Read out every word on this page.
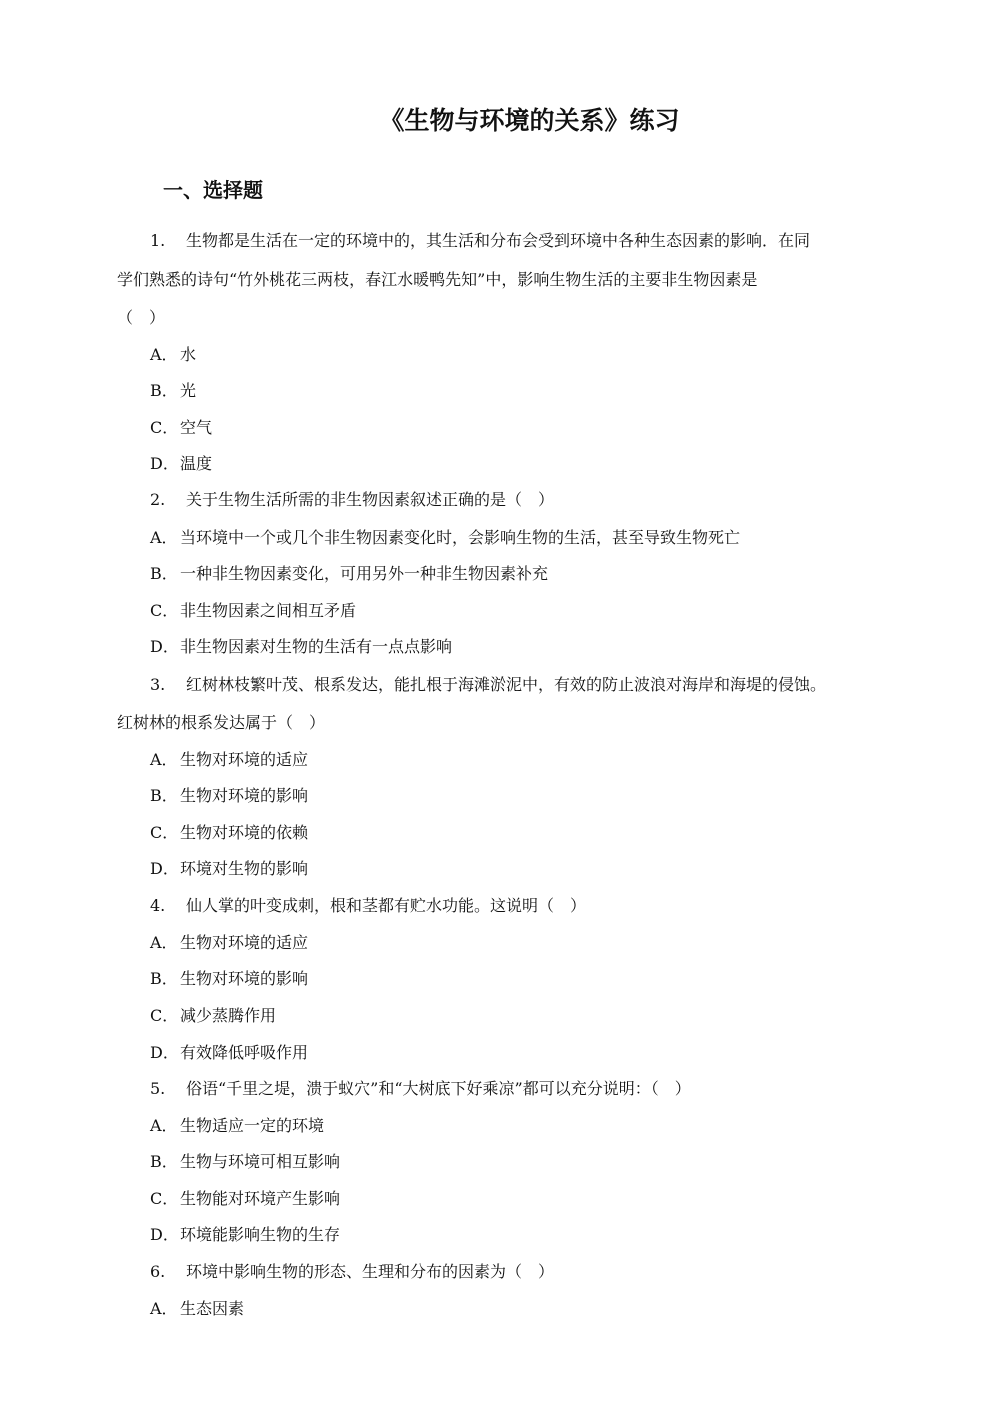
《生物与环境的关系》练习
一、选择题
1. 生物都是生活在一定的环境中的，其生活和分布会受到环境中各种生态因素的影响．在同
学们熟悉的诗句“竹外桃花三两枝，春江水暖鸭先知”中，影响生物生活的主要非生物因素是
（　）
A． 水
B． 光
C． 空气
D．温度
2. 关于生物生活所需的非生物因素叙述正确的是（　）
A． 当环境中一个或几个非生物因素变化时，会影响生物的生活，甚至导致生物死亡
B． 一种非生物因素变化，可用另外一种非生物因素补充
C． 非生物因素之间相互矛盾
D．非生物因素对生物的生活有一点点影响
3. 红树林枝繁叶茂、根系发达，能扎根于海滩淤泥中，有效的防止波浪对海岸和海堤的侵蚀。
红树林的根系发达属于（　）
A． 生物对环境的适应
B． 生物对环境的影响
C． 生物对环境的依赖
D．环境对生物的影响
4. 仙人掌的叶变成刺，根和茎都有贮水功能。这说明（　）
A． 生物对环境的适应
B． 生物对环境的影响
C． 减少蒸腾作用
D．有效降低呼吸作用
5. 俗语“千里之堤，溃于蚁穴”和“大树底下好乘凉”都可以充分说明：（　）
A． 生物适应一定的环境
B． 生物与环境可相互影响
C． 生物能对环境产生影响
D．环境能影响生物的生存
6. 环境中影响生物的形态、生理和分布的因素为（　）
A． 生态因素
